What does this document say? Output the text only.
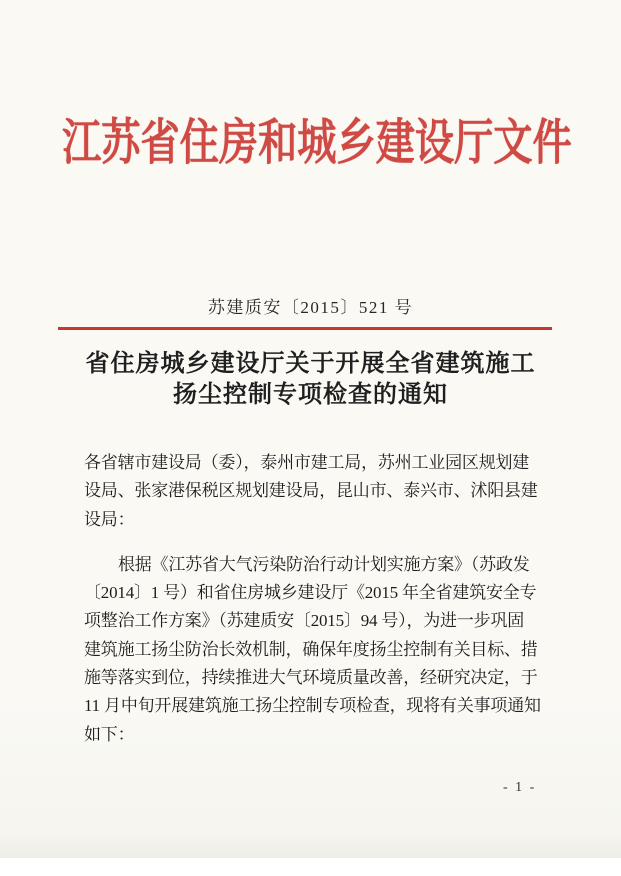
江苏省住房和城乡建设厅文件
苏建质安〔2015〕521 号
省住房城乡建设厅关于开展全省建筑施工
扬尘控制专项检查的通知
各省辖市建设局（委），泰州市建工局，苏州工业园区规划建
设局、张家港保税区规划建设局，昆山市、泰兴市、沭阳县建
设局：
根据《江苏省大气污染防治行动计划实施方案》（苏政发
〔2014〕1 号）和省住房城乡建设厅《2015 年全省建筑安全专
项整治工作方案》（苏建质安〔2015〕94 号），为进一步巩固
建筑施工扬尘防治长效机制，确保年度扬尘控制有关目标、措
施等落实到位，持续推进大气环境质量改善，经研究决定，于
11 月中旬开展建筑施工扬尘控制专项检查，现将有关事项通知
如下：
- 1 -
